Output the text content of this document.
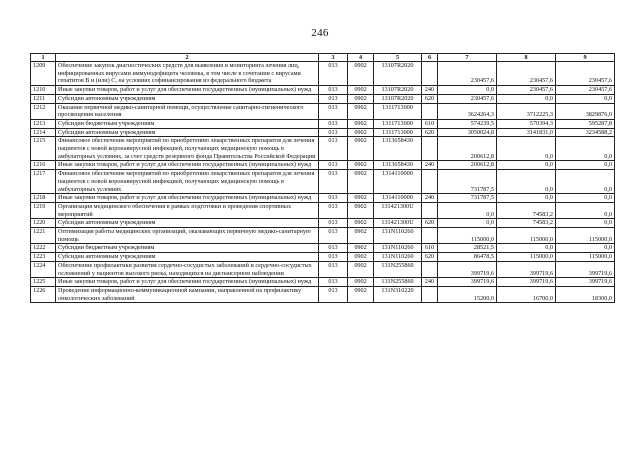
246
1	2	3	4	5	6	7	8	9
1209	Обеспечение закупок диагностических средств для выявления и мониторинга лечения лиц, инфицированных вирусами иммунодефицита человека, в том числе в сочетании с вирусами гепатитов В и (или) С, на условиях софинансирования из федерального бюджета	013	0902	13107R2020		230457,6	230457,6	230457,6
1210	Иные закупки товаров, работ и услуг для обеспечения государственных (муниципальных) нужд	013	0902	13107R2020	240	0,0	230457,6	230457,6
1211	Субсидии автономным учреждениям	013	0902	13107R2020	620	230457,6	0,0	0,0
1212	Оказание первичной медико-санитарной помощи, осуществление санитарно-гигиенического просвещения населения	013	0902	1311713000		3624264,3	3712225,3	3829876,0
1213	Субсидии бюджетным учреждениям	013	0902	1311713000	610	574239,5	570394,3	595287,8
1214	Субсидии автономным учреждениям	013	0902	1311713000	620	3050024,8	3141831,0	3234588,2
1215	Финансовое обеспечение мероприятий по приобретению лекарственных препаратов для лечения пациентов с новой коронавирусной инфекцией, получающих медицинскую помощь в амбулаторных условиях, за счет средств резервного фонда Правительства Российской Федерации	013	0902	1313658430		200612,8	0,0	0,0
1216	Иные закупки товаров, работ и услуг для обеспечения государственных (муниципальных) нужд	013	0902	1313658430	240	200612,8	0,0	0,0
1217	Финансовое обеспечение мероприятий по приобретению лекарственных препаратов для лечения пациентов с новой коронавирусной инфекцией, получающих медицинскую помощь в амбулаторных условиях	013	0902	1314110000		731787,5	0,0	0,0
1218	Иные закупки товаров, работ и услуг для обеспечения государственных (муниципальных) нужд	013	0902	1314110000	240	731787,5	0,0	0,0
1219	Организация медицинского обеспечения в рамках подготовки и проведения спортивных мероприятий	013	0902	131421300U		0,0	74583,2	0,0
1220	Субсидии автономным учреждениям	013	0902	131421300U	620	0,0	74583,2	0,0
1221	Оптимизация работы медицинских организаций, оказывающих первичную медико-санитарную помощь	013	0902	131N110260		115000,0	115000,0	115000,0
1222	Субсидии бюджетным учреждениям	013	0902	131N110260	610	28521,5	0,0	0,0
1223	Субсидии автономным учреждениям	013	0902	131N110260	620	86478,5	115000,0	115000,0
1224	Обеспечение профилактики развития сердечно-сосудистых заболеваний и сердечно-сосудистых осложнений у пациентов высокого риска, находящихся на диспансерном наблюдении	013	0902	131N255860		399719,6	399719,6	399719,6
1225	Иные закупки товаров, работ и услуг для обеспечения государственных (муниципальных) нужд	013	0902	131N255860	240	399719,6	399719,6	399719,6
1226	Проведение информационно-коммуникационной кампании, направленной на профилактику онкологических заболеваний	013	0902	131N310220		15200,0	16700,0	18300,0
